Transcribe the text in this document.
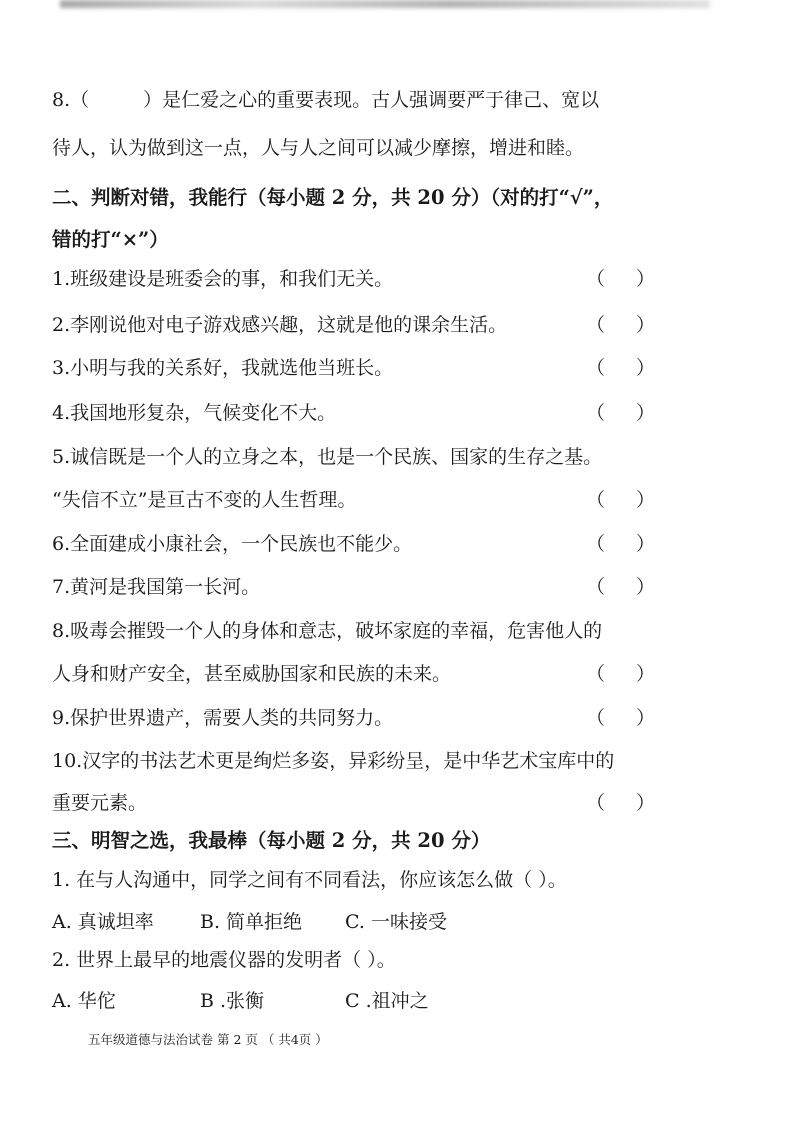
8.（	）是仁爱之心的重要表现。古人强调要严于律己、宽以
待人，认为做到这一点，人与人之间可以减少摩擦，增进和睦。
二、判断对错，我能行（每小题 2 分，共 20 分）（对的打“√”，
错的打“×”）
1.班级建设是班委会的事，和我们无关。	（ ）
2.李刚说他对电子游戏感兴趣，这就是他的课余生活。	（ ）
3.小明与我的关系好，我就选他当班长。	（ ）
4.我国地形复杂，气候变化不大。	（ ）
5.诚信既是一个人的立身之本，也是一个民族、国家的生存之基。
“失信不立”是亘古不变的人生哲理。	（ ）
6.全面建成小康社会，一个民族也不能少。	（ ）
7.黄河是我国第一长河。	（ ）
8.吸毒会摧毁一个人的身体和意志，破坏家庭的幸福，危害他人的
人身和财产安全，甚至威胁国家和民族的未来。	（ ）
9.保护世界遗产，需要人类的共同努力。	（ ）
10.汉字的书法艺术更是绚烂多姿，异彩纷呈，是中华艺术宝库中的
重要元素。	（ ）
三、明智之选，我最棒（每小题 2 分，共 20 分）
1. 在与人沟通中，同学之间有不同看法，你应该怎么做（ ）。
A. 真诚坦率 B. 简单拒绝 C. 一味接受
2. 世界上最早的地震仪器的发明者（ ）。
A. 华佗	B .张衡	C .祖冲之
五年级道德与法治试卷 第 2 页 （ 共4页 ）
